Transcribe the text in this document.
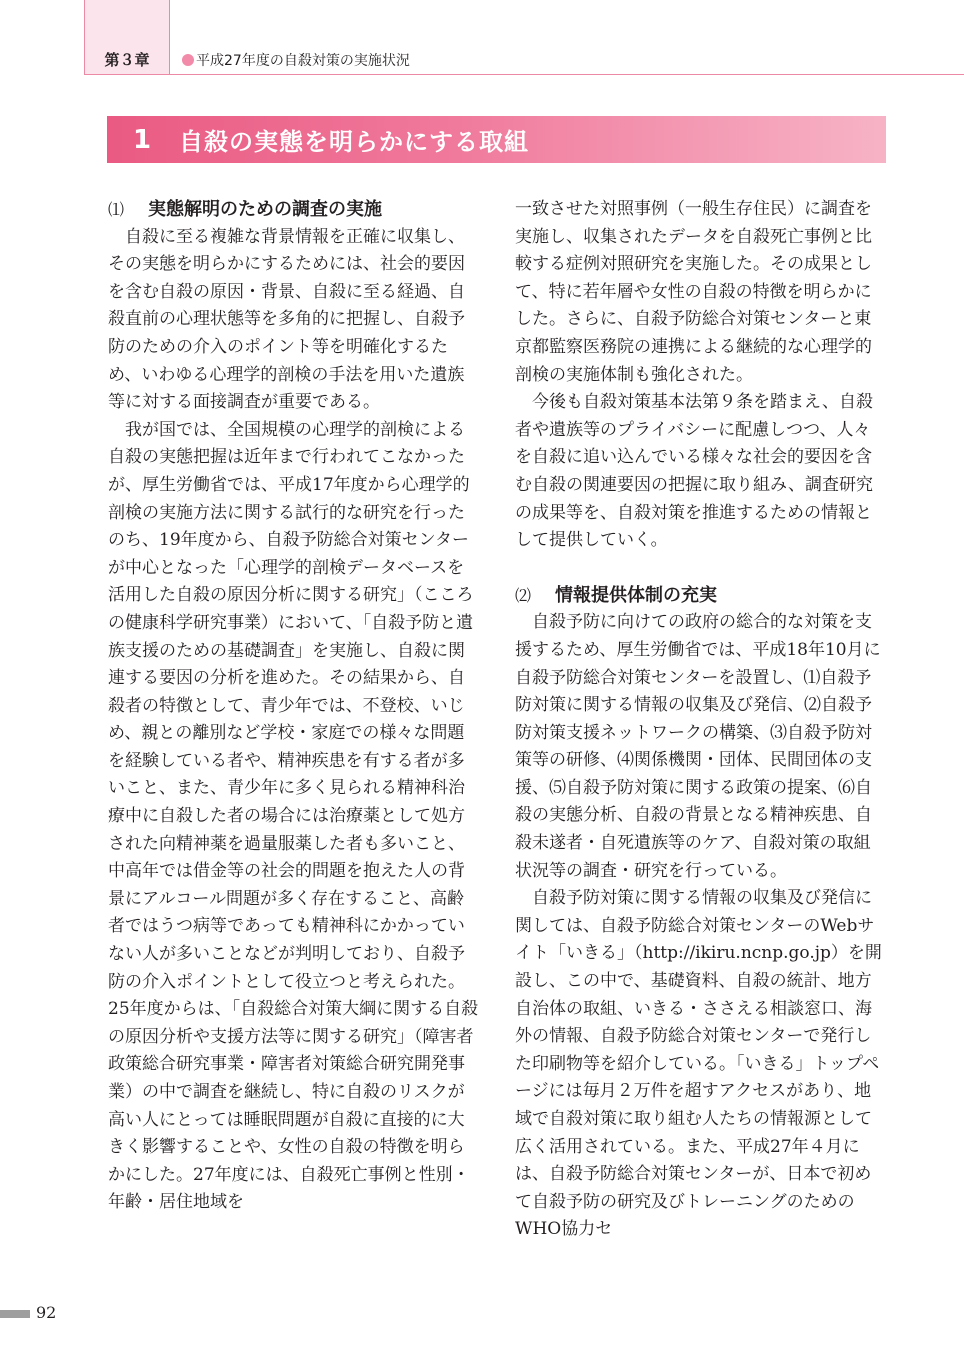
第３章	平成27年度の自殺対策の実施状況
1	自殺の実態を明らかにする取組
⑴ 実態解明のための調査の実施

自殺に至る複雑な背景情報を正確に収集し、その実態を明らかにするためには、社会的要因を含む自殺の原因・背景、自殺に至る経過、自殺直前の心理状態等を多角的に把握し、自殺予防のための介入のポイント等を明確化するため、いわゆる心理学的剖検の手法を用いた遺族等に対する面接調査が重要である。

我が国では、全国規模の心理学的剖検による自殺の実態把握は近年まで行われてこなかったが、厚生労働省では、平成17年度から心理学的剖検の実施方法に関する試行的な研究を行ったのち、19年度から、自殺予防総合対策センターが中心となった「心理学的剖検データベースを活用した自殺の原因分析に関する研究」（こころの健康科学研究事業）において、「自殺予防と遺族支援のための基礎調査」を実施し、自殺に関連する要因の分析を進めた。その結果から、自殺者の特徴として、青少年では、不登校、いじめ、親との離別など学校・家庭での様々な問題を経験している者や、精神疾患を有する者が多いこと、また、青少年に多く見られる精神科治療中に自殺した者の場合には治療薬として処方された向精神薬を過量服薬した者も多いこと、中高年では借金等の社会的問題を抱えた人の背景にアルコール問題が多く存在すること、高齢者ではうつ病等であっても精神科にかかっていない人が多いことなどが判明しており、自殺予防の介入ポイントとして役立つと考えられた。25年度からは、「自殺総合対策大綱に関する自殺の原因分析や支援方法等に関する研究」（障害者政策総合研究事業・障害者対策総合研究開発事業）の中で調査を継続し、特に自殺のリスクが高い人にとっては睡眠問題が自殺に直接的に大きく影響することや、女性の自殺の特徴を明らかにした。27年度には、自殺死亡事例と性別・年齢・居住地域を

一致させた対照事例（一般生存住民）に調査を実施し、収集されたデータを自殺死亡事例と比較する症例対照研究を実施した。その成果として、特に若年層や女性の自殺の特徴を明らかにした。さらに、自殺予防総合対策センターと東京都監察医務院の連携による継続的な心理学的剖検の実施体制も強化された。

今後も自殺対策基本法第９条を踏まえ、自殺者や遺族等のプライバシーに配慮しつつ、人々を自殺に追い込んでいる様々な社会的要因を含む自殺の関連要因の把握に取り組み、調査研究の成果等を、自殺対策を推進するための情報として提供していく。

⑵ 情報提供体制の充実

自殺予防に向けての政府の総合的な対策を支援するため、厚生労働省では、平成18年10月に自殺予防総合対策センターを設置し、⑴自殺予防対策に関する情報の収集及び発信、⑵自殺予防対策支援ネットワークの構築、⑶自殺予防対策等の研修、⑷関係機関・団体、民間団体の支援、⑸自殺予防対策に関する政策の提案、⑹自殺の実態分析、自殺の背景となる精神疾患、自殺未遂者・自死遺族等のケア、自殺対策の取組状況等の調査・研究を行っている。

自殺予防対策に関する情報の収集及び発信に関しては、自殺予防総合対策センターのWebサイト「いきる」（http://ikiru.ncnp.go.jp）を開設し、この中で、基礎資料、自殺の統計、地方自治体の取組、いきる・ささえる相談窓口、海外の情報、自殺予防総合対策センターで発行した印刷物等を紹介している。「いきる」トップページには毎月２万件を超すアクセスがあり、地域で自殺対策に取り組む人たちの情報源として広く活用されている。また、平成27年４月には、自殺予防総合対策センターが、日本で初めて自殺予防の研究及びトレーニングのためのWHO協力セ

92
